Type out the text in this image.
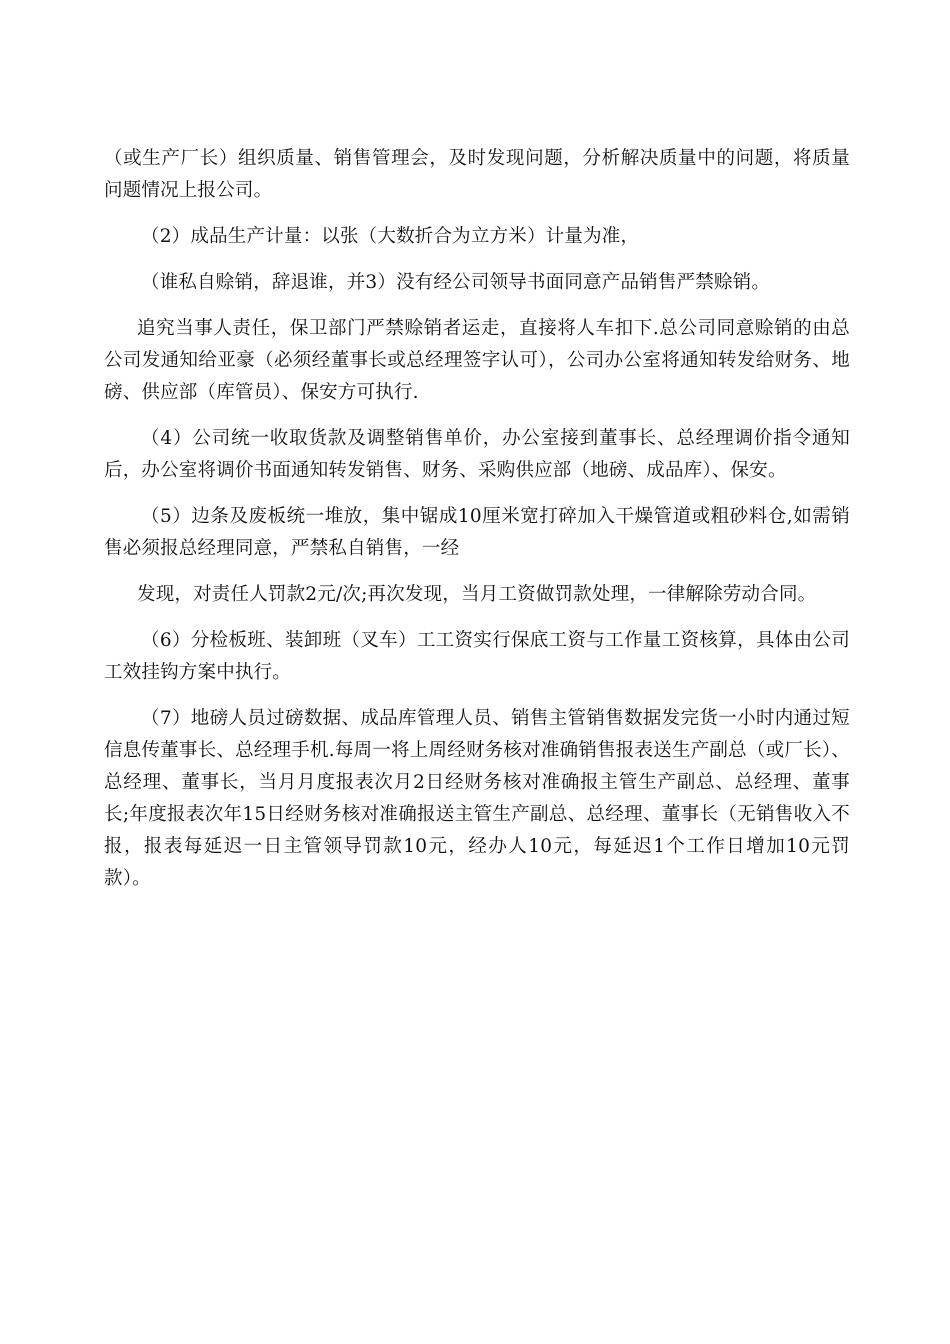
（或生产厂长）组织质量、销售管理会，及时发现问题，分析解决质量中的问题，将质量问题情况上报公司。

（2）成品生产计量：以张（大数折合为立方米）计量为准，

（谁私自赊销，辞退谁，并3）没有经公司领导书面同意产品销售严禁赊销。

追究当事人责任，保卫部门严禁赊销者运走，直接将人车扣下.总公司同意赊销的由总公司发通知给亚豪（必须经董事长或总经理签字认可），公司办公室将通知转发给财务、地磅、供应部（库管员）、保安方可执行.

（4）公司统一收取货款及调整销售单价，办公室接到董事长、总经理调价指令通知后，办公室将调价书面通知转发销售、财务、采购供应部（地磅、成品库）、保安。

（5）边条及废板统一堆放，集中锯成10厘米宽打碎加入干燥管道或粗砂料仓,如需销售必须报总经理同意，严禁私自销售，一经

发现，对责任人罚款2元/次;再次发现，当月工资做罚款处理，一律解除劳动合同。

（6）分检板班、装卸班（叉车）工工资实行保底工资与工作量工资核算，具体由公司工效挂钩方案中执行。

（7）地磅人员过磅数据、成品库管理人员、销售主管销售数据发完货一小时内通过短信息传董事长、总经理手机.每周一将上周经财务核对准确销售报表送生产副总（或厂长）、总经理、董事长，当月月度报表次月2日经财务核对准确报主管生产副总、总经理、董事长;年度报表次年15日经财务核对准确报送主管生产副总、总经理、董事长（无销售收入不报，报表每延迟一日主管领导罚款10元，经办人10元，每延迟1个工作日增加10元罚款）。
